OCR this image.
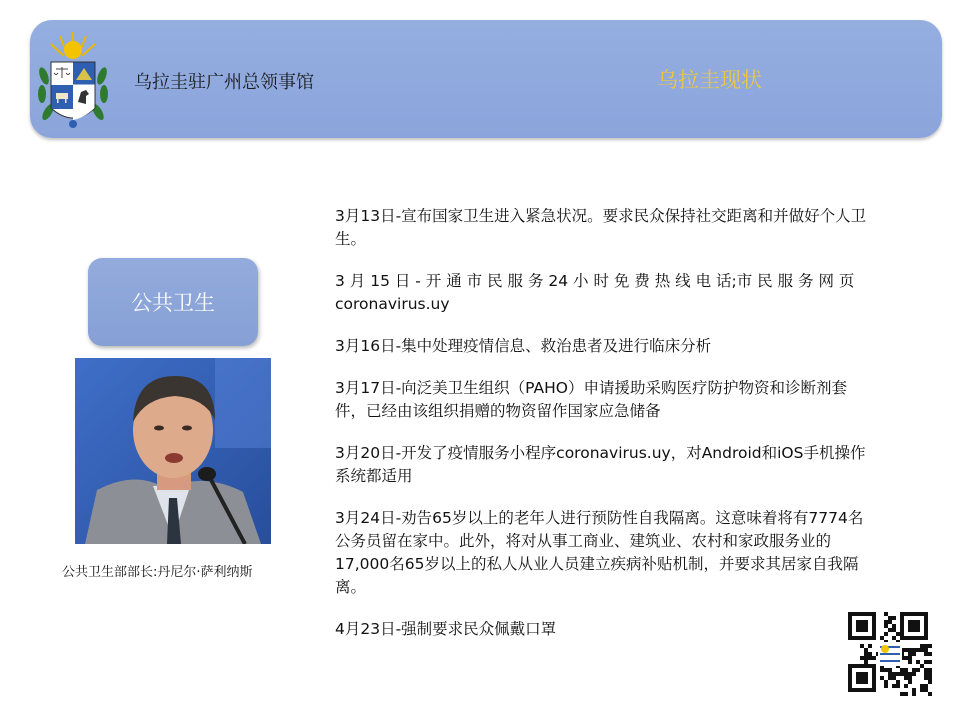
乌拉圭驻广州总领事馆	乌拉圭现状
公共卫生
公共卫生部部长:丹尼尔·萨利纳斯
3月13日-宣布国家卫生进入紧急状况。要求民众保持社交距离和并做好个人卫生。
3 月 15 日 - 开 通 市 民 服 务 24 小 时 免 费 热 线 电 话;市 民 服 务 网 页 coronavirus.uy
3月16日-集中处理疫情信息、救治患者及进行临床分析
3月17日-向泛美卫生组织（PAHO）申请援助采购医疗防护物资和诊断剂套件，已经由该组织捐赠的物资留作国家应急储备
3月20日-开发了疫情服务小程序coronavirus.uy，对Android和iOS手机操作系统都适用
3月24日-劝告65岁以上的老年人进行预防性自我隔离。这意味着将有7774名公务员留在家中。此外，将对从事工商业、建筑业、农村和家政服务业的17,000名65岁以上的私人从业人员建立疾病补贴机制，并要求其居家自我隔离。
4月23日-强制要求民众佩戴口罩
